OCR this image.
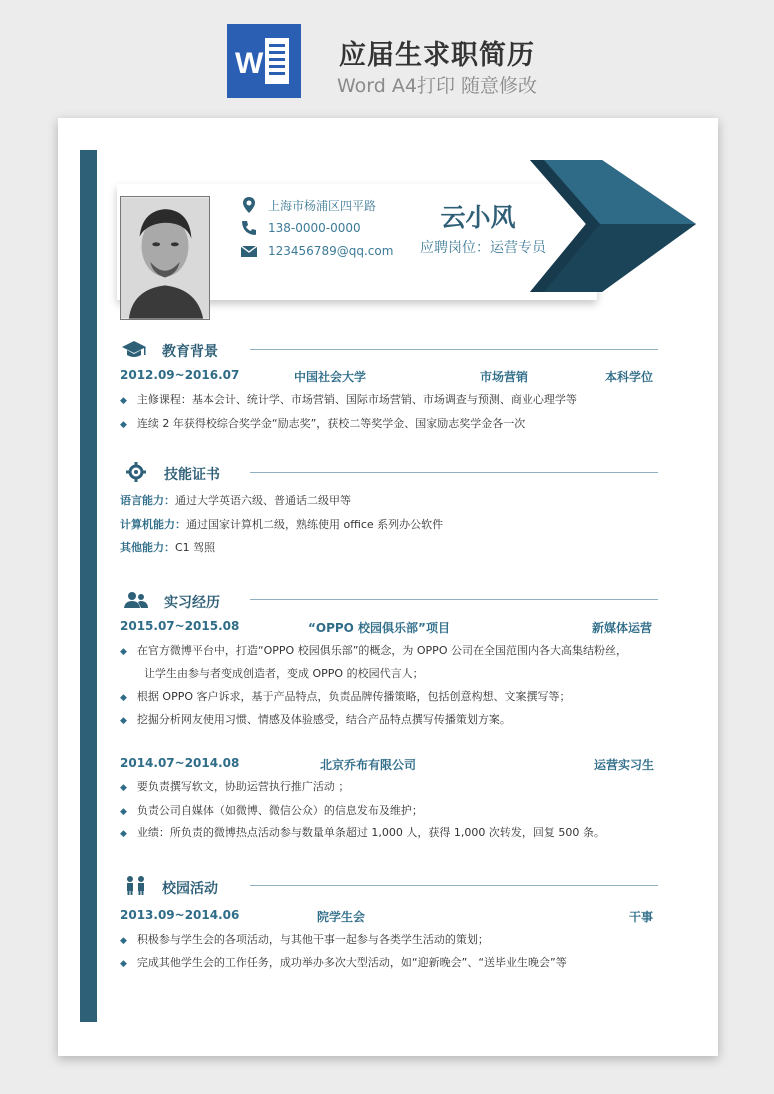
W	应届生求职简历
Word A4打印 随意修改
上海市杨浦区四平路
138-0000-0000
123456789@qq.com
云小风
应聘岗位：运营专员
教育背景
2012.09~2016.07	中国社会大学	市场营销	本科学位
◆ 主修课程：基本会计、统计学、市场营销、国际市场营销、市场调查与预测、商业心理学等
◆ 连续 2 年获得校综合奖学金“励志奖”，获校二等奖学金、国家励志奖学金各一次
技能证书
语言能力：通过大学英语六级、普通话二级甲等
计算机能力：通过国家计算机二级，熟练使用 office 系列办公软件
其他能力：C1 驾照
实习经历
2015.07~2015.08	“OPPO 校园俱乐部”项目	新媒体运营
◆ 在官方微博平台中，打造“OPPO 校园俱乐部”的概念，为 OPPO 公司在全国范围内各大高集结粉丝，
让学生由参与者变成创造者，变成 OPPO 的校园代言人；
◆ 根据 OPPO 客户诉求，基于产品特点，负责品牌传播策略，包括创意构想、文案撰写等；
◆ 挖掘分析网友使用习惯、情感及体验感受，结合产品特点撰写传播策划方案。
2014.07~2014.08	北京乔布有限公司	运营实习生
◆ 要负责撰写软文，协助运营执行推广活动 ；
◆ 负责公司自媒体（如微博、微信公众）的信息发布及维护；
◆ 业绩：所负责的微博热点活动参与数量单条超过 1,000 人，获得 1,000 次转发，回复 500 条。
校园活动
2013.09~2014.06	院学生会	干事
◆ 积极参与学生会的各项活动，与其他干事一起参与各类学生活动的策划；
◆ 完成其他学生会的工作任务，成功举办多次大型活动，如“迎新晚会”、“送毕业生晚会”等
